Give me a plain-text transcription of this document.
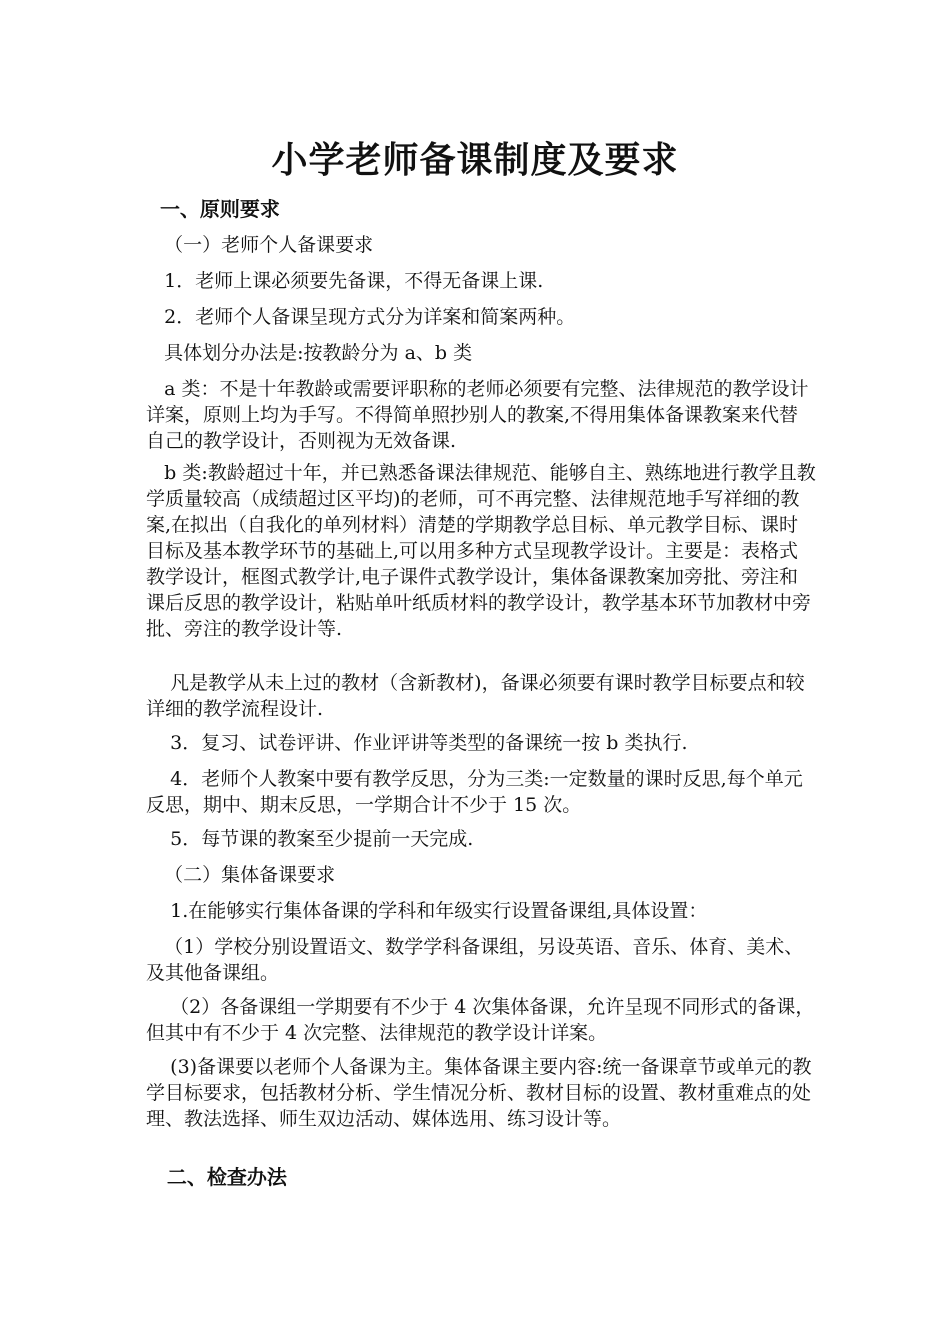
小学老师备课制度及要求
一、原则要求
（一）老师个人备课要求
1．老师上课必须要先备课，不得无备课上课.
2．老师个人备课呈现方式分为详案和简案两种。
具体划分办法是:按教龄分为 a、b 类
a 类：不是十年教龄或需要评职称的老师必须要有完整、法律规范的教学设计详案，原则上均为手写。不得简单照抄别人的教案,不得用集体备课教案来代替自己的教学设计，否则视为无效备课.
b 类:教龄超过十年，并已熟悉备课法律规范、能够自主、熟练地进行教学且教学质量较高（成绩超过区平均)的老师，可不再完整、法律规范地手写祥细的教案,在拟出（自我化的单列材料）清楚的学期教学总目标、单元教学目标、课时目标及基本教学环节的基础上,可以用多种方式呈现教学设计。主要是：表格式教学设计，框图式教学计,电子课件式教学设计，集体备课教案加旁批、旁注和课后反思的教学设计，粘贴单叶纸质材料的教学设计，教学基本环节加教材中旁批、旁注的教学设计等.
凡是教学从未上过的教材（含新教材)，备课必须要有课时教学目标要点和较详细的教学流程设计.
3．复习、试卷评讲、作业评讲等类型的备课统一按 b 类执行.
4．老师个人教案中要有教学反思，分为三类:一定数量的课时反思,每个单元反思，期中、期末反思，一学期合计不少于 15 次。
5．每节课的教案至少提前一天完成.
（二）集体备课要求
1.在能够实行集体备课的学科和年级实行设置备课组,具体设置：
（1）学校分别设置语文、数学学科备课组，另设英语、音乐、体育、美术、及其他备课组。
（2）各备课组一学期要有不少于 4 次集体备课，允许呈现不同形式的备课，但其中有不少于 4 次完整、法律规范的教学设计详案。
(3)备课要以老师个人备课为主。集体备课主要内容:统一备课章节或单元的教学目标要求，包括教材分析、学生情况分析、教材目标的设置、教材重难点的处理、教法选择、师生双边活动、媒体选用、练习设计等。
二、检查办法
